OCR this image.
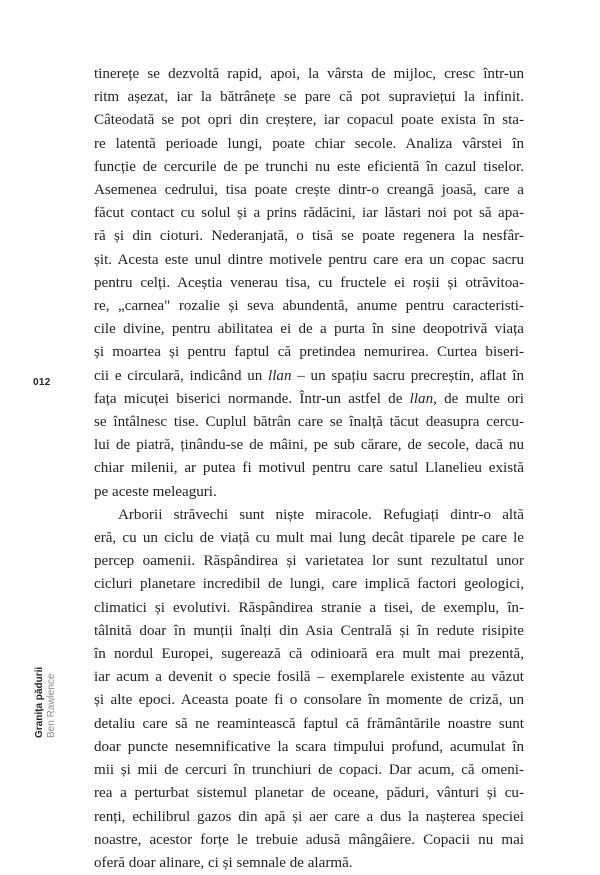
tinerețe se dezvoltă rapid, apoi, la vârsta de mijloc, cresc într-un
ritm așezat, iar la bătrânețe se pare că pot supraviețui la infinit.
Câteodată se pot opri din creștere, iar copacul poate exista în sta-
re latentă perioade lungi, poate chiar secole. Analiza vârstei în
funcție de cercurile de pe trunchi nu este eficientă în cazul tiselor.
Asemenea cedrului, tisa poate crește dintr-o creangă joasă, care a
făcut contact cu solul și a prins rădăcini, iar lăstari noi pot să apa-
ră și din cioturi. Nederanjată, o tisă se poate regenera la nesfâr-
șit. Acesta este unul dintre motivele pentru care era un copac sacru
pentru celți. Aceștia venerau tisa, cu fructele ei roșii și otrăvitoa-
re, „carnea" rozalie și seva abundentă, anume pentru caracteristi-
cile divine, pentru abilitatea ei de a purta în sine deopotrivă viața
și moartea și pentru faptul că pretindea nemurirea. Curtea biseri-
cii e circulară, indicând un llan – un spațiu sacru precreștin, aflat în
fața micuței biserici normande. Într-un astfel de llan, de multe ori
se întâlnesc tise. Cuplul bătrân care se înalță tăcut deasupra cercu-
lui de piatră, ținându-se de mâini, pe sub cărare, de secole, dacă nu
chiar milenii, ar putea fi motivul pentru care satul Llanelieu există
pe aceste meleaguri.
Arborii străvechi sunt niște miracole. Refugiați dintr-o altă
eră, cu un ciclu de viață cu mult mai lung decât tiparele pe care le
percep oamenii. Răspândirea și varietatea lor sunt rezultatul unor
cicluri planetare incredibil de lungi, care implică factori geologici,
climatici și evolutivi. Răspândirea stranie a tisei, de exemplu, în-
tâlnită doar în munții înalți din Asia Centrală și în redute risipite
în nordul Europei, sugerează că odinioară era mult mai prezentă,
iar acum a devenit o specie fosilă – exemplarele existente au văzut
și alte epoci. Aceasta poate fi o consolare în momente de criză, un
detaliu care să ne reamintească faptul că frământările noastre sunt
doar puncte nesemnificative la scara timpului profund, acumulat în
mii și mii de cercuri în trunchiuri de copaci. Dar acum, că omeni-
rea a perturbat sistemul planetar de oceane, păduri, vânturi și cu-
renți, echilibrul gazos din apă și aer care a dus la nașterea speciei
noastre, acestor forțe le trebuie adusă mângâiere. Copacii nu mai
oferă doar alinare, ci și semnale de alarmă.
012
Granița pădurii Ben Rawlence
